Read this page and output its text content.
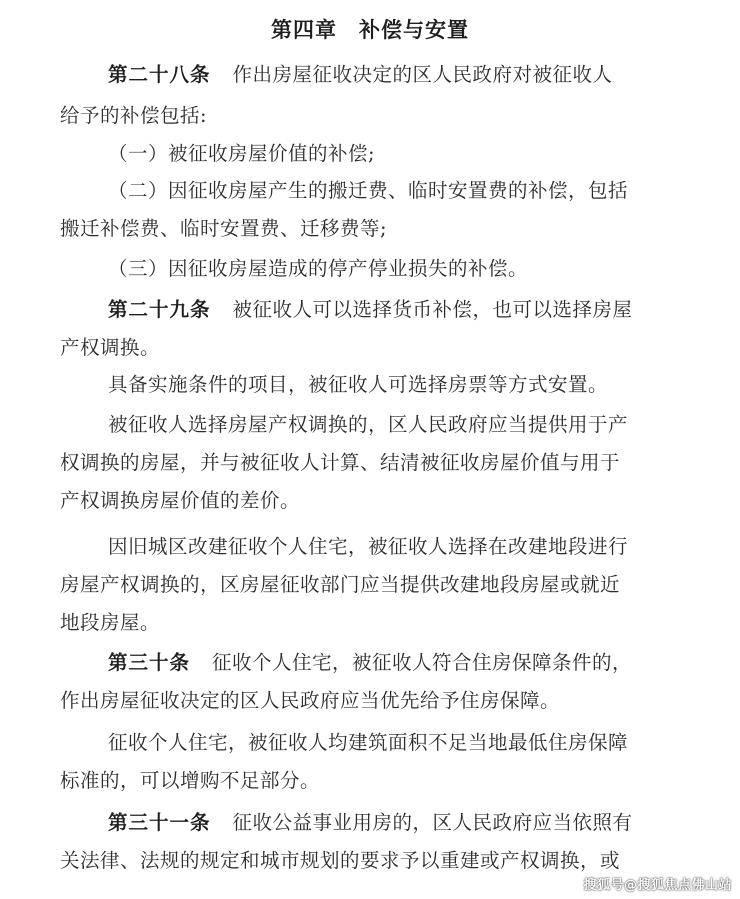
第四章　补偿与安置
第二十八条 作出房屋征收决定的区人民政府对被征收人
给予的补偿包括:
（一）被征收房屋价值的补偿;
（二）因征收房屋产生的搬迁费、临时安置费的补偿，包括
搬迁补偿费、临时安置费、迁移费等;
（三）因征收房屋造成的停产停业损失的补偿。
第二十九条 被征收人可以选择货币补偿，也可以选择房屋
产权调换。
具备实施条件的项目，被征收人可选择房票等方式安置。
被征收人选择房屋产权调换的，区人民政府应当提供用于产
权调换的房屋，并与被征收人计算、结清被征收房屋价值与用于
产权调换房屋价值的差价。
因旧城区改建征收个人住宅，被征收人选择在改建地段进行
房屋产权调换的，区房屋征收部门应当提供改建地段房屋或就近
地段房屋。
第三十条 征收个人住宅，被征收人符合住房保障条件的，
作出房屋征收决定的区人民政府应当优先给予住房保障。
征收个人住宅，被征收人均建筑面积不足当地最低住房保障
标准的，可以增购不足部分。
第三十一条 征收公益事业用房的，区人民政府应当依照有
关法律、法规的规定和城市规划的要求予以重建或产权调换，或
搜狐号@搜狐焦点佛山站
